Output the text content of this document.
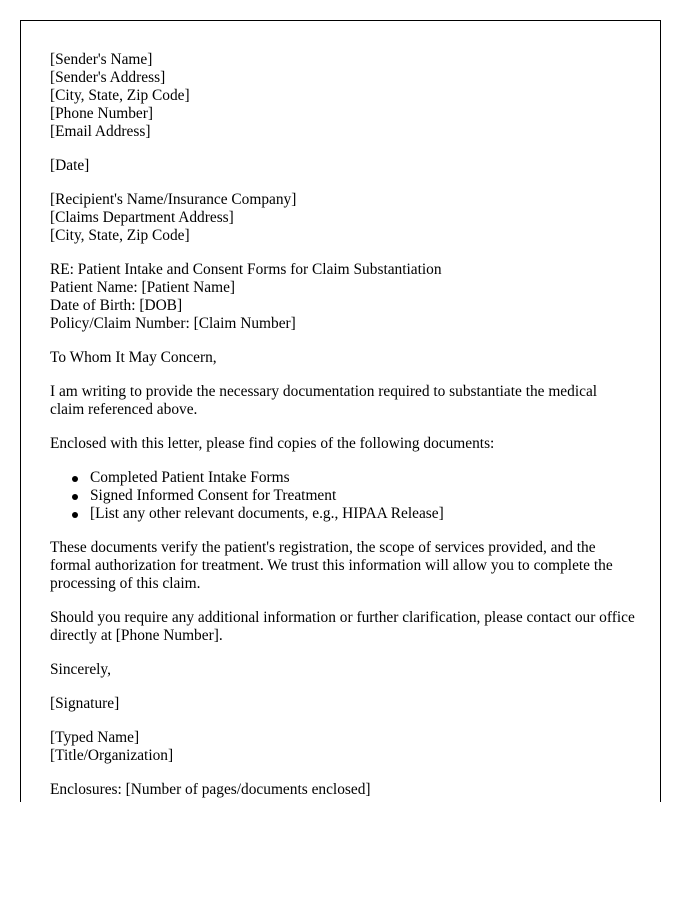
[Sender's Name]
[Sender's Address]
[City, State, Zip Code]
[Phone Number]
[Email Address]
[Date]
[Recipient's Name/Insurance Company]
[Claims Department Address]
[City, State, Zip Code]
RE: Patient Intake and Consent Forms for Claim Substantiation
Patient Name: [Patient Name]
Date of Birth: [DOB]
Policy/Claim Number: [Claim Number]

To Whom It May Concern,

I am writing to provide the necessary documentation required to substantiate the medical claim referenced above.

Enclosed with this letter, please find copies of the following documents:

Completed Patient Intake Forms
Signed Informed Consent for Treatment
[List any other relevant documents, e.g., HIPAA Release]

These documents verify the patient's registration, the scope of services provided, and the formal authorization for treatment. We trust this information will allow you to complete the processing of this claim.

Should you require any additional information or further clarification, please contact our office directly at [Phone Number].

Sincerely,

[Signature]

[Typed Name]
[Title/Organization]

Enclosures: [Number of pages/documents enclosed]
